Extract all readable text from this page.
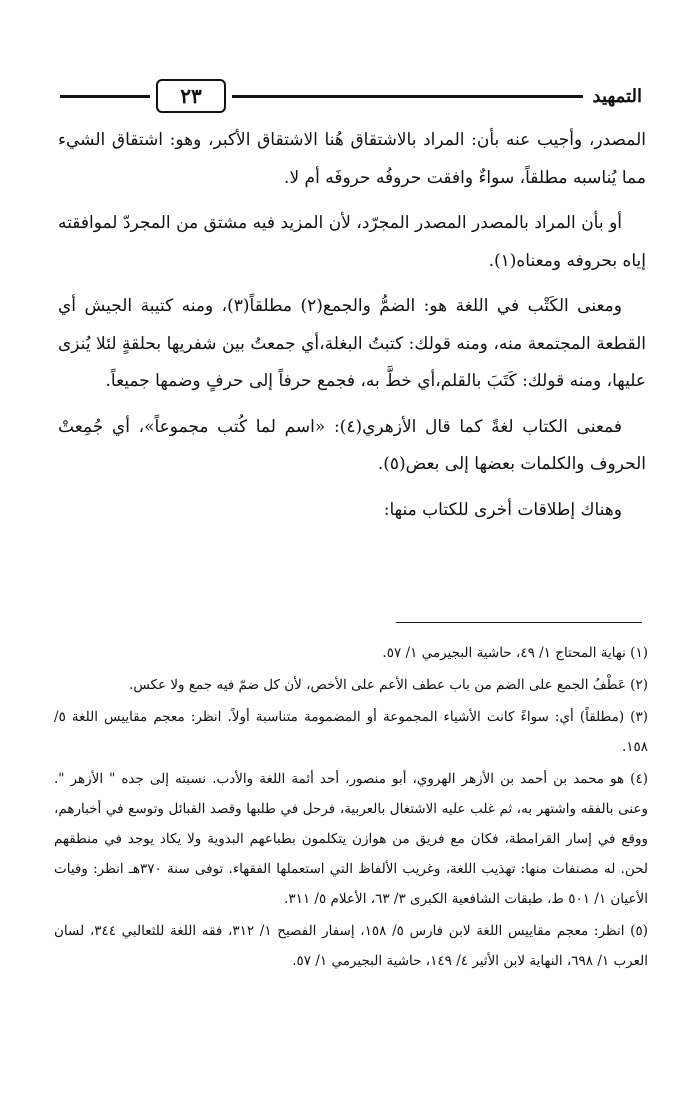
التمهيد
٢٣

المصدر، وأجيب عنه بأن: المراد بالاشتقاق هُنا الاشتقاق الأكبر، وهو: اشتقاق الشيء مما يُناسبه مطلقاً، سواءٌ وافقت حروفُه حروفَه أم لا.

أو بأن المراد بالمصدر المصدر المجرّد، لأن المزيد فيه مشتق من المجردّ لموافقته إياه بحروفه ومعناه(١).

ومعنى الكَتْب في اللغة هو: الضمُّ والجمع(٢) مطلقاً(٣)، ومنه كتيبة الجيش أي القطعة المجتمعة منه، ومنه قولك: كتبتُ البغلة،أي جمعتُ بين شفريها بحلقةٍ لئلا يُنزى عليها، ومنه قولك: كَتَبَ بالقلم،أي خطَّ به، فجمع حرفاً إلى حرفٍ وضمها جميعاً.

فمعنى الكتاب لغةً كما قال الأزهري(٤): «اسم لما كُتب مجموعاً»، أي جُمِعتْ الحروف والكلمات بعضها إلى بعض(٥).

وهناك إطلاقات أخرى للكتاب منها:

(١) نهاية المحتاج ١/ ٤٩، حاشية البجيرمي ١/ ٥٧.

(٢) عَطْفُ الجمع على الضم من باب عطف الأعم على الأخص، لأن كل ضمّ فيه جمع ولا عكس.

(٣) (مطلقاً) أي: سواءً كانت الأشياء المجموعة أو المضمومة متناسبة أولاً. انظر: معجم مقاييس اللغة ٥/ ١٥٨.

(٤) هو محمد بن أحمد بن الأزهر الهروي، أبو منصور، أحد أئمة اللغة والأدب. نسبته إلى جده " الأزهر ". وعنى بالفقه واشتهر به، ثم غلب عليه الاشتغال بالعربية، فرحل في طلبها وقصد القبائل وتوسع في أخبارهم، ووقع في إسار القرامطة، فكان مع فريق من هوازن يتكلمون بطباعهم البدوية ولا يكاد يوجد في منطقهم لحن. له مصنفات منها: تهذيب اللغة، وغريب الألفاظ التي استعملها الفقهاء. توفى سنة ٣٧٠هـ انظر: وفيات الأعيان ١/ ٥٠١ ط، طبقات الشافعية الكبرى ٣/ ٦٣، الأعلام ٥/ ٣١١.

(٥) انظر: معجم مقاييس اللغة لابن فارس ٥/ ١٥٨، إسفار الفصيح ١/ ٣١٢، فقه اللغة للثعالبي ٣٤٤، لسان العرب ١/ ٦٩٨، النهاية لابن الأثير ٤/ ١٤٩، حاشية البجيرمي ١/ ٥٧.
